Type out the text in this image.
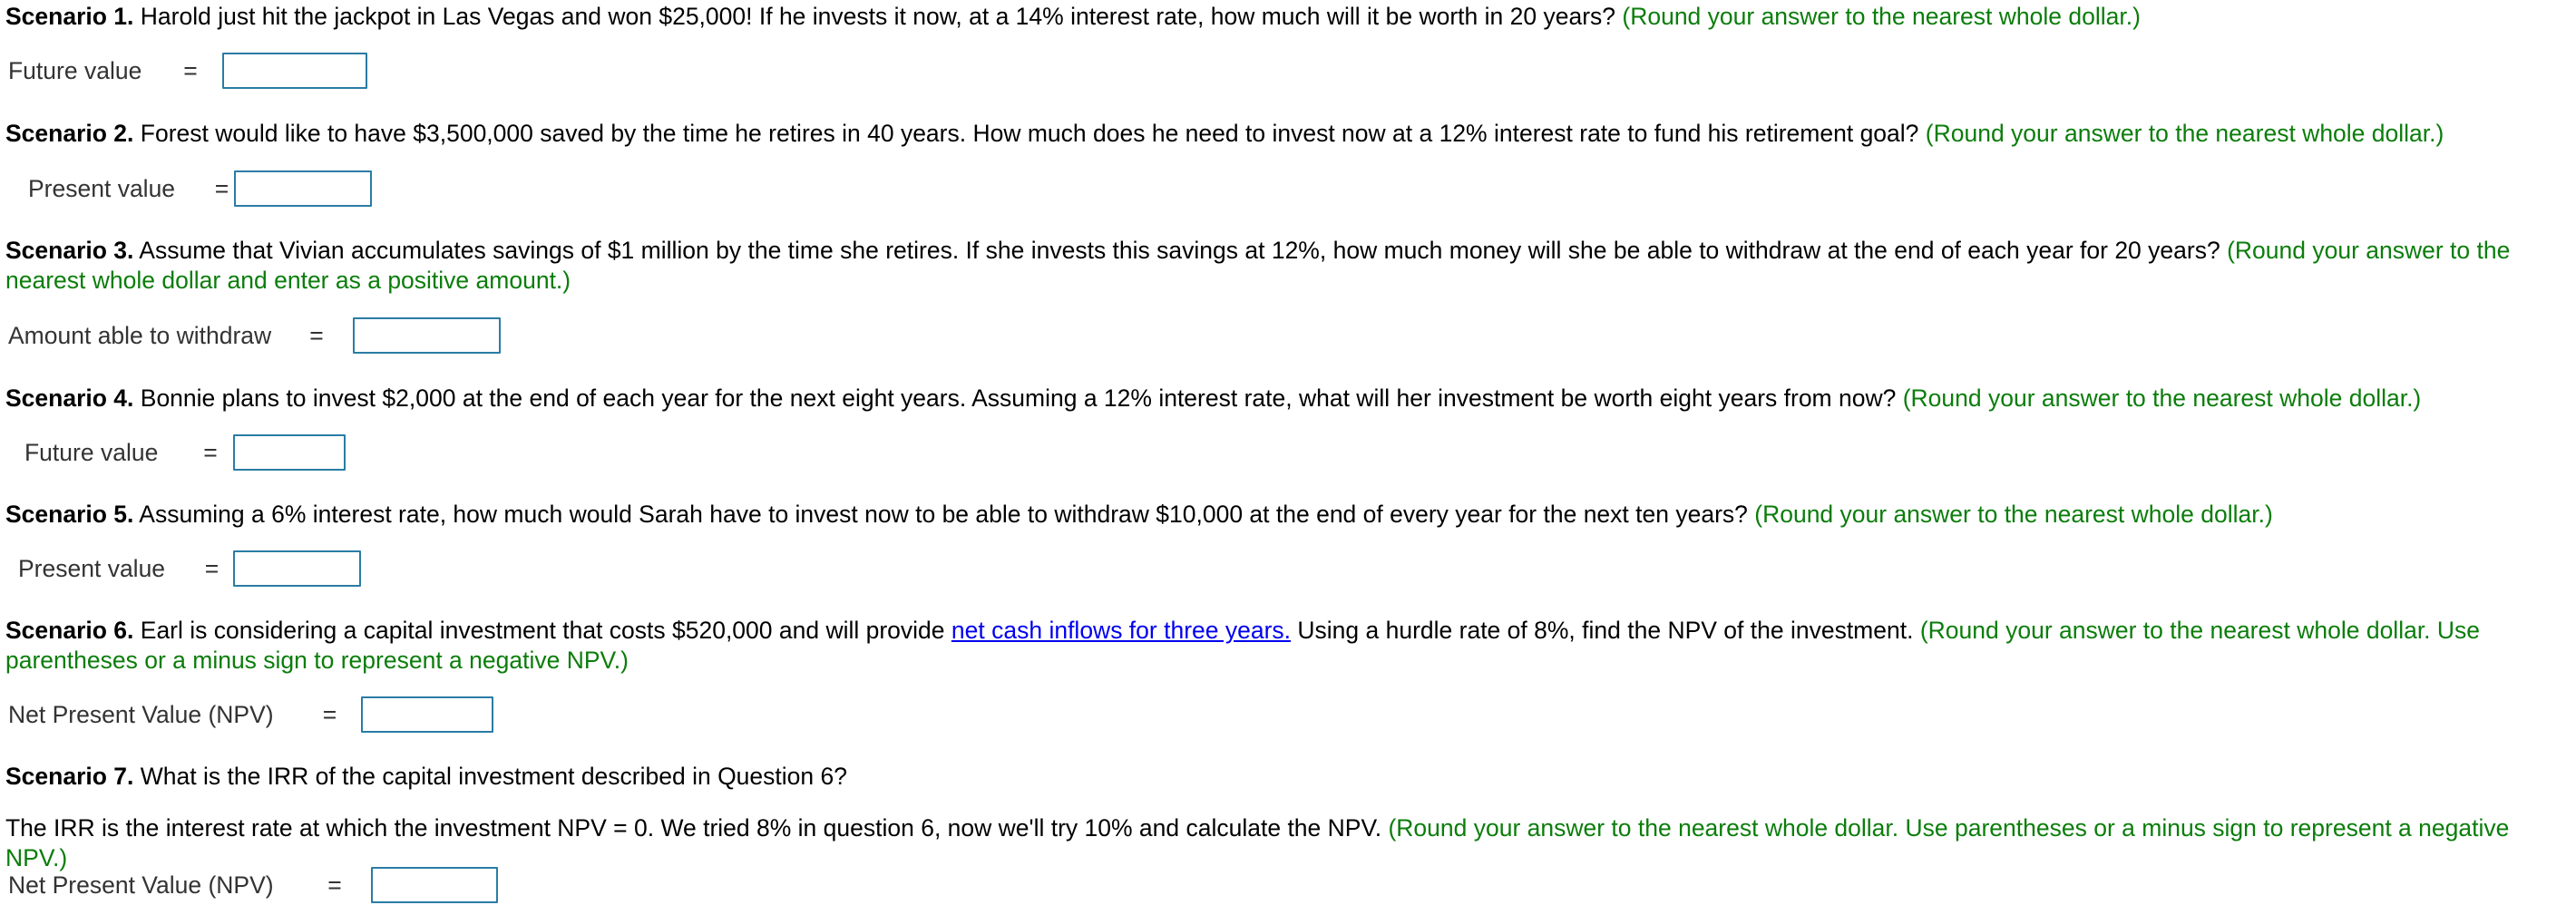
Scenario 1. Harold just hit the jackpot in Las Vegas and won $25,000! If he invests it now, at a 14% interest rate, how much will it be worth in 20 years? (Round your answer to the nearest whole dollar.)

Future value	=

Scenario 2. Forest would like to have $3,500,000 saved by the time he retires in 40 years. How much does he need to invest now at a 12% interest rate to fund his retirement goal? (Round your answer to the nearest whole dollar.)

Present value	=

Scenario 3. Assume that Vivian accumulates savings of $1 million by the time she retires. If she invests this savings at 12%, how much money will she be able to withdraw at the end of each year for 20 years? (Round your answer to the nearest whole dollar and enter as a positive amount.)

Amount able to withdraw	=

Scenario 4. Bonnie plans to invest $2,000 at the end of each year for the next eight years. Assuming a 12% interest rate, what will her investment be worth eight years from now? (Round your answer to the nearest whole dollar.)

Future value	=

Scenario 5. Assuming a 6% interest rate, how much would Sarah have to invest now to be able to withdraw $10,000 at the end of every year for the next ten years? (Round your answer to the nearest whole dollar.)

Present value	=

Scenario 6. Earl is considering a capital investment that costs $520,000 and will provide net cash inflows for three years. Using a hurdle rate of 8%, find the NPV of the investment. (Round your answer to the nearest whole dollar. Use parentheses or a minus sign to represent a negative NPV.)

Net Present Value (NPV)	=

Scenario 7. What is the IRR of the capital investment described in Question 6?

The IRR is the interest rate at which the investment NPV = 0. We tried 8% in question 6, now we'll try 10% and calculate the NPV. (Round your answer to the nearest whole dollar. Use parentheses or a minus sign to represent a negative NPV.)

Net Present Value (NPV)	=
